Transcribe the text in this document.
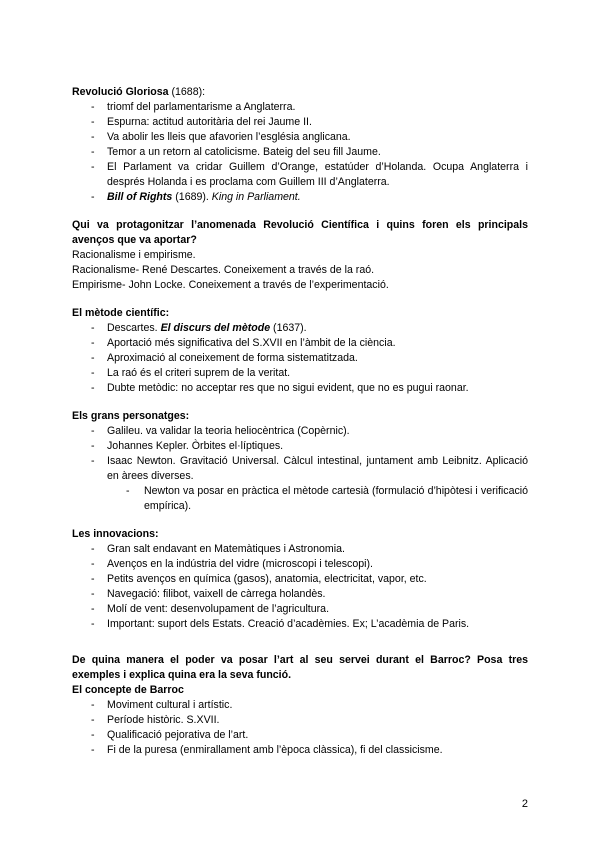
Revolució Gloriosa (1688):

- triomf del parlamentarisme a Anglaterra.
- Espurna: actitud autoritària del rei Jaume II.
- Va abolir les lleis que afavorien l’església anglicana.
- Temor a un retorn al catolicisme. Bateig del seu fill Jaume.
- El Parlament va cridar Guillem d’Orange, estatúder d’Holanda. Ocupa Anglaterra i després Holanda i es proclama com Guillem III d’Anglaterra.
- Bill of Rights (1689). King in Parliament.

Qui va protagonitzar l’anomenada Revolució Científica i quins foren els principals avenços que va aportar?

Racionalisme i empirisme.

Racionalisme- René Descartes. Coneixement a través de la raó.

Empirisme- John Locke. Coneixement a través de l’experimentació.

El mètode científic:

- Descartes. El discurs del mètode (1637).
- Aportació més significativa del S.XVII en l’àmbit de la ciència.
- Aproximació al coneixement de forma sistematitzada.
- La raó és el criteri suprem de la veritat.
- Dubte metòdic: no acceptar res que no sigui evident, que no es pugui raonar.

Els grans personatges:

- Galileu. va validar la teoria heliocèntrica (Copèrnic).
- Johannes Kepler. Òrbites el·líptiques.
- Isaac Newton. Gravitació Universal. Càlcul intestinal, juntament amb Leibnitz. Aplicació en àrees diverses.
- Newton va posar en pràctica el mètode cartesià (formulació d’hipòtesi i verificació empírica).

Les innovacions:

- Gran salt endavant en Matemàtiques i Astronomia.
- Avenços en la indústria del vidre (microscopi i telescopi).
- Petits avenços en química (gasos), anatomia, electricitat, vapor, etc.
- Navegació: filibot, vaixell de càrrega holandès.
- Molí de vent: desenvolupament de l’agricultura.
- Important: suport dels Estats. Creació d’acadèmies. Ex; L’acadèmia de Paris.

De quina manera el poder va posar l’art al seu servei durant el Barroc? Posa tres exemples i explica quina era la seva funció.

El concepte de Barroc

- Moviment cultural i artístic.
- Període històric. S.XVII.
- Qualificació pejorativa de l’art.
- Fi de la puresa (enmirallament amb l’època clàssica), fi del classicisme.
2
